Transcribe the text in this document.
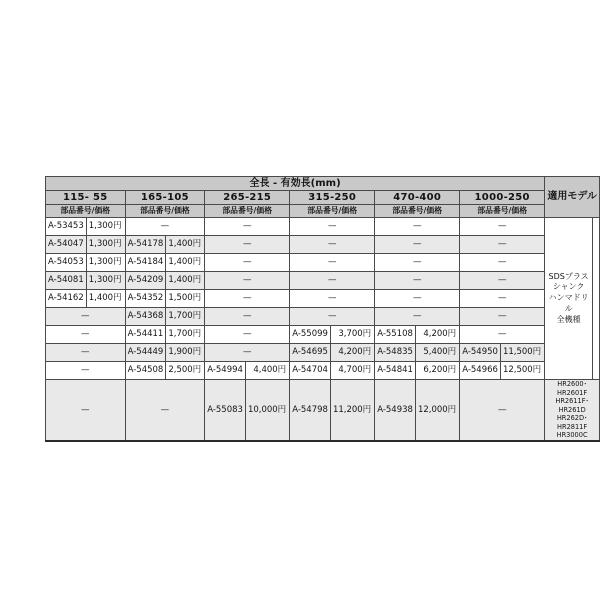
全長 - 有効長(mm)												適用モデル	
115- 55		165-105		265-215		315-250		470-400		1000-250			
部品番号/価格		部品番号/価格		部品番号/価格		部品番号/価格		部品番号/価格		部品番号/価格			
A-53453	1,300円	—		—		—		—		—		SDSプラス
シャンク
ハンマドリル
全機種	

A-54047	1,300円	A-54178	1,400円	—		—		—		—			
A-54053	1,300円	A-54184	1,400円	—		—		—		—			
A-54081	1,300円	A-54209	1,400円	—		—		—		—			
A-54162	1,400円	A-54352	1,500円	—		—		—		—			
—		A-54368	1,700円	—		—		—		—			
—		A-54411	1,700円	—		A-55099	3,700円	A-55108	4,200円	—			
—		A-54449	1,900円	—		A-54695	4,200円	A-54835	5,400円	A-54950	11,500円		
—		A-54508	2,500円	A-54994	4,400円	A-54704	4,700円	A-54841	6,200円	A-54966	12,500円		
—		—		A-55083	10,000円	A-54798	11,200円	A-54938	12,000円	—		HR2600･HR2601F
HR2611F･HR261D
HR262D･HR2811F
HR3000C	
